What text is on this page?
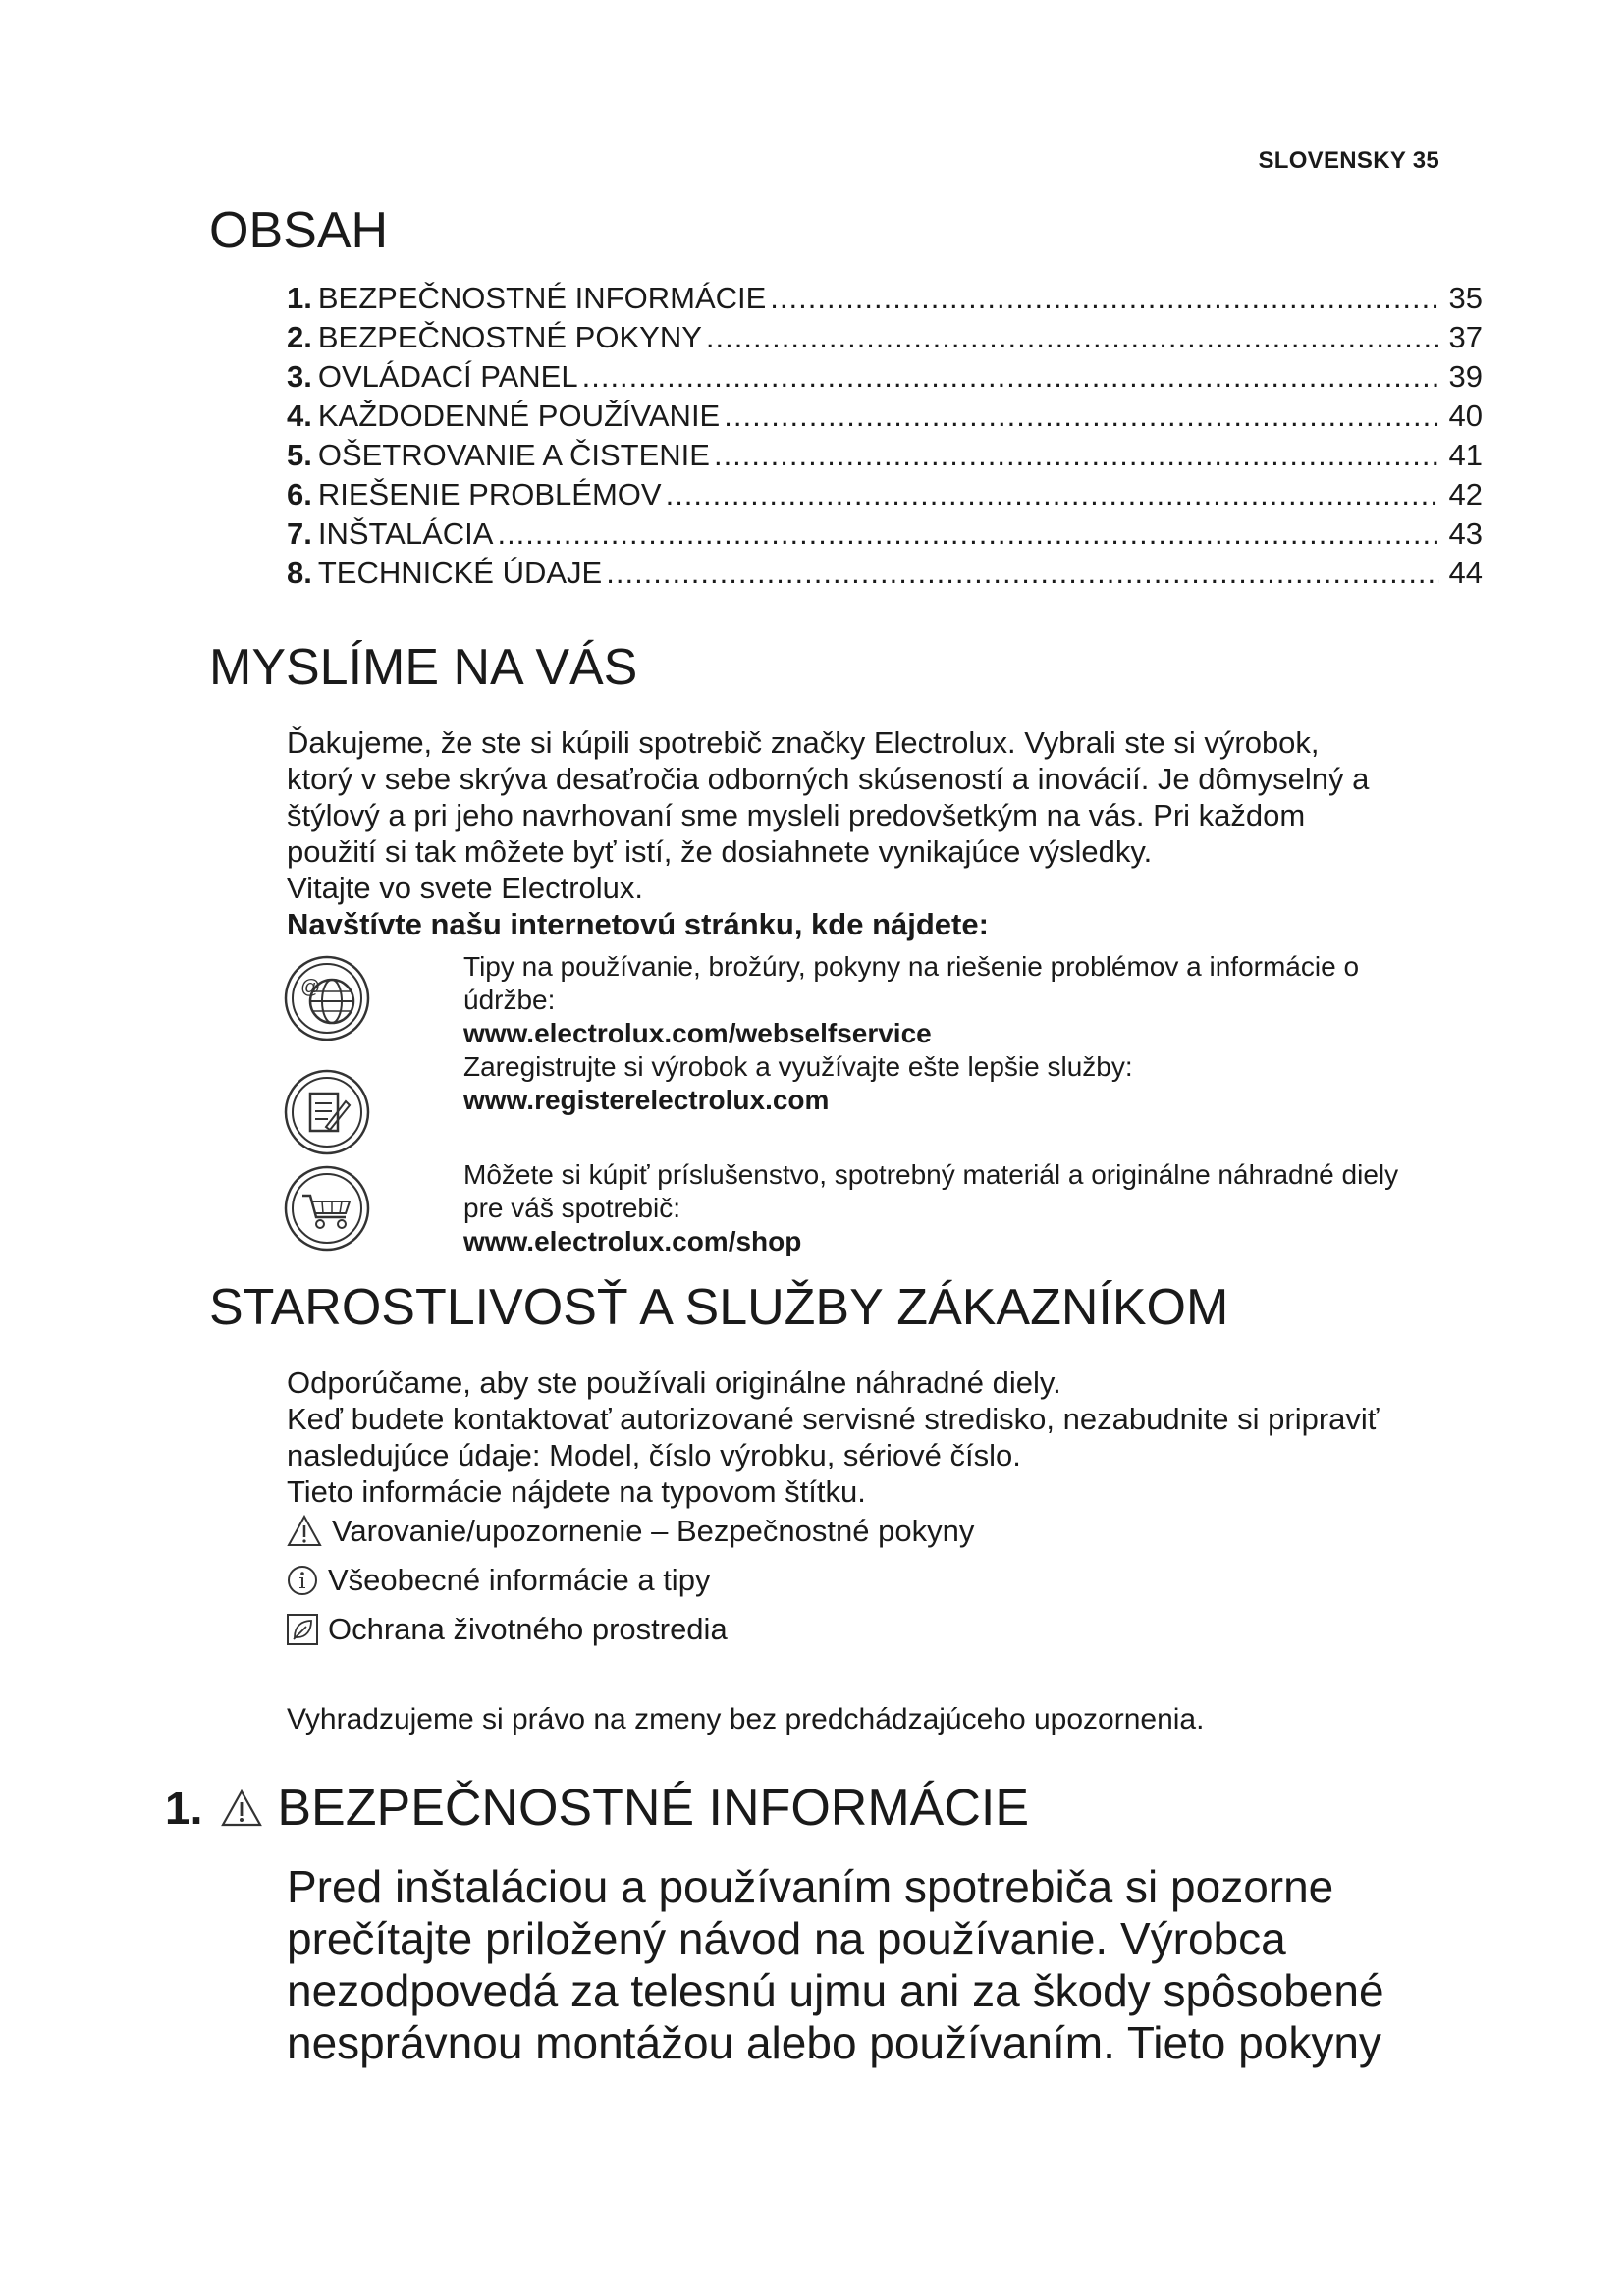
SLOVENSKY 35
OBSAH
1. BEZPEČNOSTNÉ INFORMÁCIE .....	35
2. BEZPEČNOSTNÉ POKYNY .....	37
3. OVLÁDACÍ PANEL .....	39
4. KAŽDODENNÉ POUŽÍVANIE .....	40
5. OŠETROVANIE A ČISTENIE .....	41
6. RIEŠENIE PROBLÉMOV .....	42
7. INŠTALÁCIA .....	43
8. TECHNICKÉ ÚDAJE .....	44
MYSLÍME NA VÁS

Ďakujeme, že ste si kúpili spotrebič značky Electrolux. Vybrali ste si výrobok,

ktorý v sebe skrýva desaťročia odborných skúseností a inovácií. Je dômyselný a

štýlový a pri jeho navrhovaní sme mysleli predovšetkým na vás. Pri každom

použití si tak môžete byť istí, že dosiahnete vynikajúce výsledky.

Vitajte vo svete Electrolux.

Navštívte našu internetovú stránku, kde nájdete:

@

Tipy na používanie, brožúry, pokyny na riešenie problémov a informácie o

údržbe:

www.electrolux.com/webselfservice

Zaregistrujte si výrobok a využívajte ešte lepšie služby:

www.registerelectrolux.com

Môžete si kúpiť príslušenstvo, spotrebný materiál a originálne náhradné diely

pre váš spotrebič:

www.electrolux.com/shop

STAROSTLIVOSŤ A SLUŽBY ZÁKAZNÍKOM

Odporúčame, aby ste používali originálne náhradné diely.

Keď budete kontaktovať autorizované servisné stredisko, nezabudnite si pripraviť

nasledujúce údaje: Model, číslo výrobku, sériové číslo.

Tieto informácie nájdete na typovom štítku.

Varovanie/upozornenie – Bezpečnostné pokyny
Všeobecné informácie a tipy
Ochrana životného prostredia
Vyhradzujeme si právo na zmeny bez predchádzajúceho upozornenia.
1. BEZPEČNOSTNÉ INFORMÁCIE

Pred inštaláciou a používaním spotrebiča si pozorne

prečítajte priložený návod na používanie. Výrobca

nezodpovedá za telesnú ujmu ani za škody spôsobené

nesprávnou montážou alebo používaním. Tieto pokyny
